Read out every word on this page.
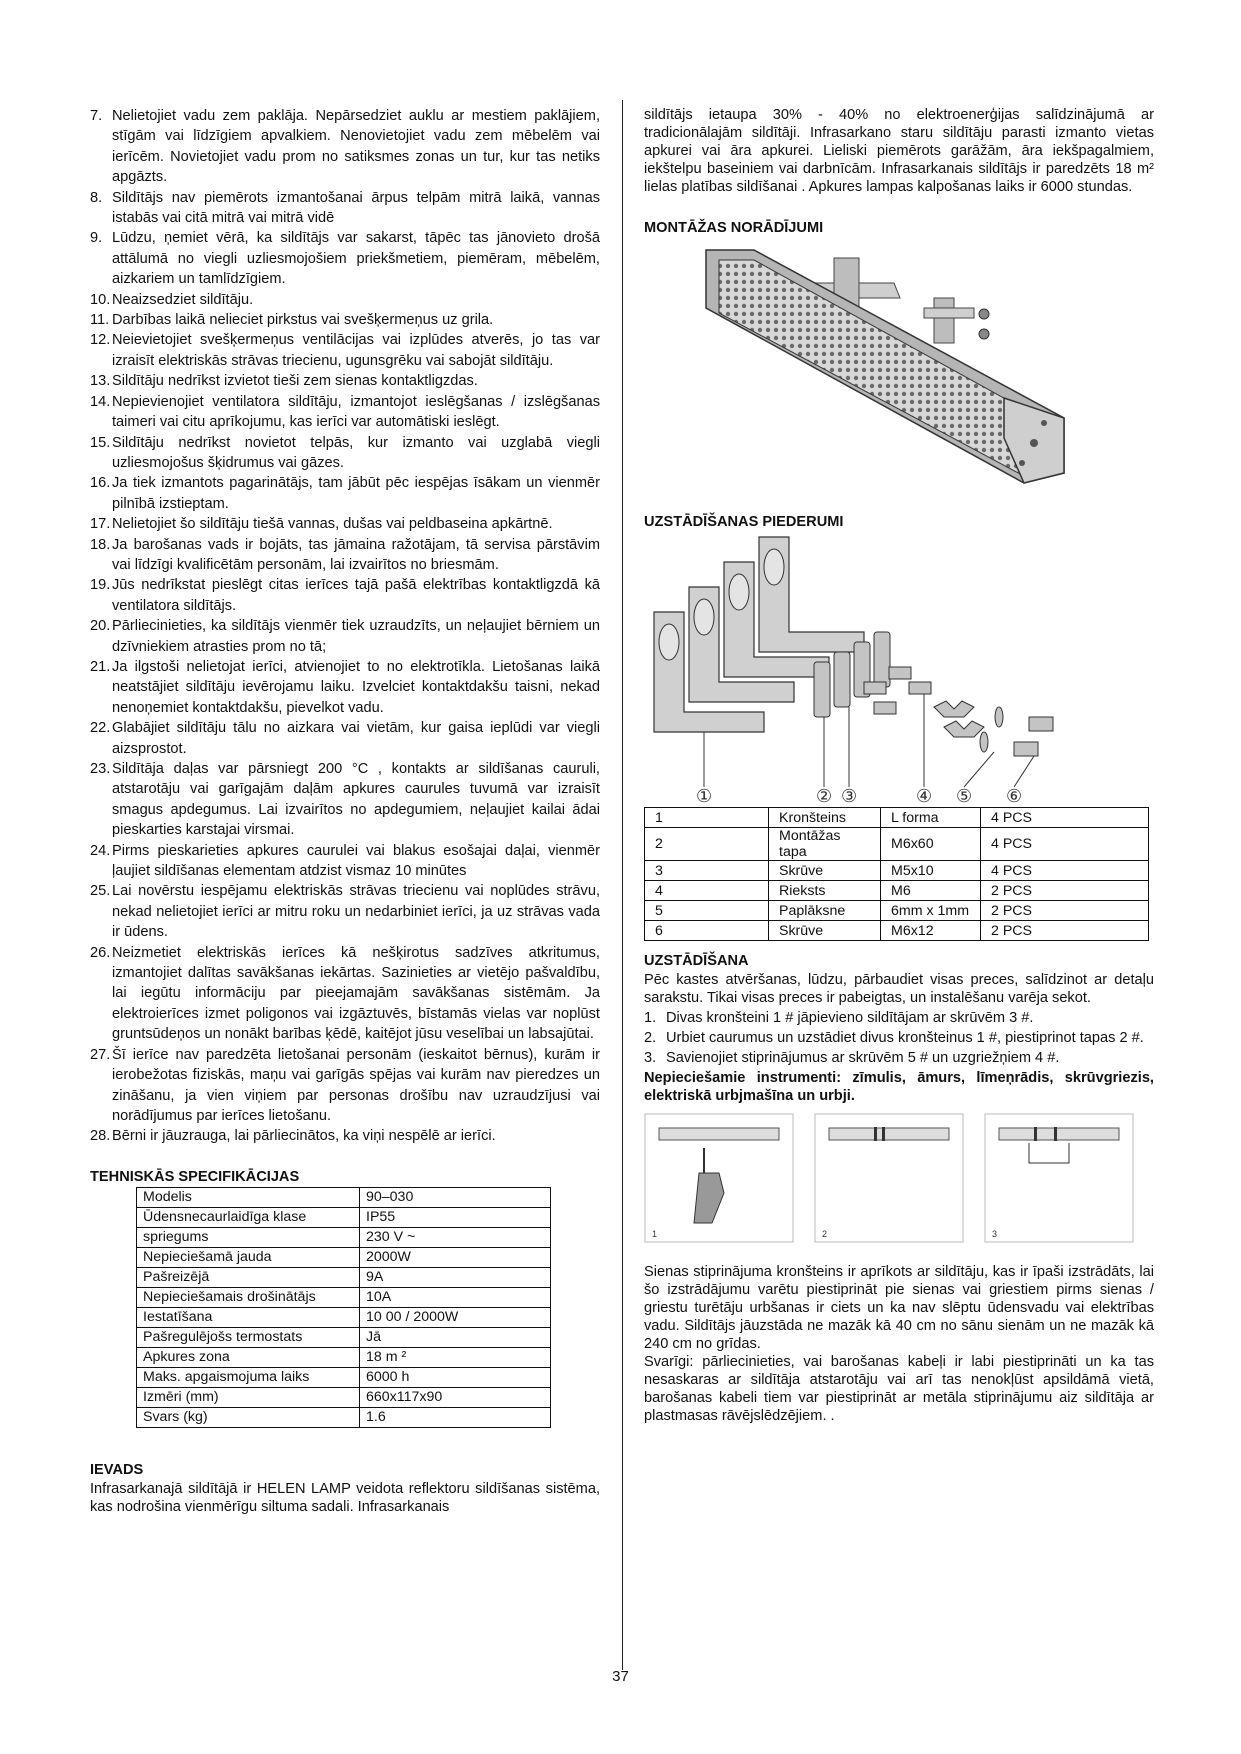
7. Nelietojiet vadu zem paklāja. Nepārsedziet auklu ar mestiem paklājiem, stīgām vai līdzīgiem apvalkiem. Nenovietojiet vadu zem mēbelēm vai ierīcēm. Novietojiet vadu prom no satiksmes zonas un tur, kur tas netiks apgāzts.
8. Sildītājs nav piemērots izmantošanai ārpus telpām mitrā laikā, vannas istabās vai citā mitrā vai mitrā vidē
9. Lūdzu, ņemiet vērā, ka sildītājs var sakarst, tāpēc tas jānovieto drošā attālumā no viegli uzliesmojošiem priekšmetiem, piemēram, mēbelēm, aizkariem un tamlīdzīgiem.
10. Neaizsedziet sildītāju.
11. Darbības laikā nelieciet pirkstus vai svešķermeņus uz grila.
12. Neievietojiet svešķermeņus ventilācijas vai izplūdes atverēs, jo tas var izraisīt elektriskās strāvas triecienu, ugunsgrēku vai sabojāt sildītāju.
13. Sildītāju nedrīkst izvietot tieši zem sienas kontaktligzdas.
14. Nepievienojiet ventilatora sildītāju, izmantojot ieslēgšanas / izslēgšanas taimeri vai citu aprīkojumu, kas ierīci var automātiski ieslēgt.
15. Sildītāju nedrīkst novietot telpās, kur izmanto vai uzglabā viegli uzliesmojošus šķidrumus vai gāzes.
16. Ja tiek izmantots pagarinātājs, tam jābūt pēc iespējas īsākam un vienmēr pilnībā izstieptam.
17. Nelietojiet šo sildītāju tiešā vannas, dušas vai peldbaseina apkārtnē.
18. Ja barošanas vads ir bojāts, tas jāmaina ražotājam, tā servisa pārstāvim vai līdzīgi kvalificētām personām, lai izvairītos no briesmām.
19. Jūs nedrīkstat pieslēgt citas ierīces tajā pašā elektrības kontaktligzdā kā ventilatora sildītājs.
20. Pārliecinieties, ka sildītājs vienmēr tiek uzraudzīts, un neļaujiet bērniem un dzīvniekiem atrasties prom no tā;
21. Ja ilgstoši nelietojat ierīci, atvienojiet to no elektrotīkla. Lietošanas laikā neatstājiet sildītāju ievērojamu laiku. Izvelciet kontaktdakšu taisni, nekad nenoņemiet kontaktdakšu, pievelkot vadu.
22. Glabājiet sildītāju tālu no aizkara vai vietām, kur gaisa ieplūdi var viegli aizsprostot.
23. Sildītāja daļas var pārsniegt 200 °C , kontakts ar sildīšanas cauruli, atstarotāju vai garīgajām daļām apkures caurules tuvumā var izraisīt smagus apdegumus. Lai izvairītos no apdegumiem, neļaujiet kailai ādai pieskarties karstajai virsmai.
24. Pirms pieskarieties apkures caurulei vai blakus esošajai daļai, vienmēr ļaujiet sildīšanas elementam atdzist vismaz 10 minūtes
25. Lai novērstu iespējamu elektriskās strāvas triecienu vai noplūdes strāvu, nekad nelietojiet ierīci ar mitru roku un nedarbiniet ierīci, ja uz strāvas vada ir ūdens.
26. Neizmetiet elektriskās ierīces kā nešķirotus sadzīves atkritumus, izmantojiet dalītas savākšanas iekārtas. Sazinieties ar vietējo pašvaldību, lai iegūtu informāciju par pieejamajām savākšanas sistēmām. Ja elektroierīces izmet poligonos vai izgāztuvēs, bīstamās vielas var noplūst gruntsūdeņos un nonākt barības ķēdē, kaitējot jūsu veselībai un labsajūtai.
27. Šī ierīce nav paredzēta lietošanai personām (ieskaitot bērnus), kurām ir ierobežotas fiziskās, maņu vai garīgās spējas vai kurām nav pieredzes un zināšanu, ja vien viņiem par personas drošību nav uzraudzījusi vai norādījumus par ierīces lietošanu.
28. Bērni ir jāuzrauga, lai pārliecinātos, ka viņi nespēlē ar ierīci.
TEHNISKĀS SPECIFIKĀCIJAS
Modelis	90–030
Ūdensnecaurlaidīga klase	IP55
spriegums	230 V ~
Nepieciešamā jauda	2000W
Pašreizējā	9A
Nepieciešamais drošinātājs	10A
Iestatīšana	10 00 / 2000W
Pašregulējošs termostats	Jā
Apkures zona	18 m ²
Maks. apgaismojuma laiks	6000 h
Izmēri (mm)	660x117x90
Svars (kg)	1.6
IEVADS
Infrasarkanajā sildītājā ir HELEN LAMP veidota reflektoru sildīšanas sistēma, kas nodrošina vienmērīgu siltuma sadali. Infrasarkanais
sildītājs ietaupa 30% - 40% no elektroenerģijas salīdzinājumā ar tradicionālajām sildītāji. Infrasarkano staru sildītāju parasti izmanto vietas apkurei vai āra apkurei. Lieliski piemērots garāžām, āra iekšpagalmiem, iekštelpu baseiniem vai darbnīcām. Infrasarkanais sildītājs ir paredzēts 18 m² lielas platības sildīšanai . Apkures lampas kalpošanas laiks ir 6000 stundas.
MONTĀŽAS NORĀDĪJUMI
UZSTĀDĪŠANAS PIEDERUMI
①	② ③	④ ⑤ ⑥
1	Kronšteins	L forma	4 PCS
2	Montāžas tapa	M6x60	4 PCS
3	Skrūve	M5x10	4 PCS
4	Rieksts	M6	2 PCS
5	Paplāksne	6mm x 1mm	2 PCS
6	Skrūve	M6x12	2 PCS
UZSTĀDĪŠANA
Pēc kastes atvēršanas, lūdzu, pārbaudiet visas preces, salīdzinot ar detaļu sarakstu. Tikai visas preces ir pabeigtas, un instalēšanu varēja sekot.
1. Divas kronšteini 1 # jāpievieno sildītājam ar skrūvēm 3 #.
2. Urbiet caurumus un uzstādiet divus kronšteinus 1 #, piestiprinot tapas 2 #.
3. Savienojiet stiprinājumus ar skrūvēm 5 # un uzgriežņiem 4 #.
Nepieciešamie instrumenti: zīmulis, āmurs, līmeņrādis, skrūvgriezis, elektriskā urbjmašīna un urbji.
1	2	3
Sienas stiprinājuma kronšteins ir aprīkots ar sildītāju, kas ir īpaši izstrādāts, lai šo izstrādājumu varētu piestiprināt pie sienas vai griestiem pirms sienas / griestu turētāju urbšanas ir ciets un ka nav slēptu ūdensvadu vai elektrības vadu. Sildītājs jāuzstāda ne mazāk kā 40 cm no sānu sienām un ne mazāk kā 240 cm no grīdas.
Svarīgi: pārliecinieties, vai barošanas kabeļi ir labi piestiprināti un ka tas nesaskaras ar sildītāja atstarotāju vai arī tas nenokļūst apsildāmā vietā, barošanas kabeli tiem var piestiprināt ar metāla stiprinājumu aiz sildītāja ar plastmasas rāvējslēdzējiem. .
37
